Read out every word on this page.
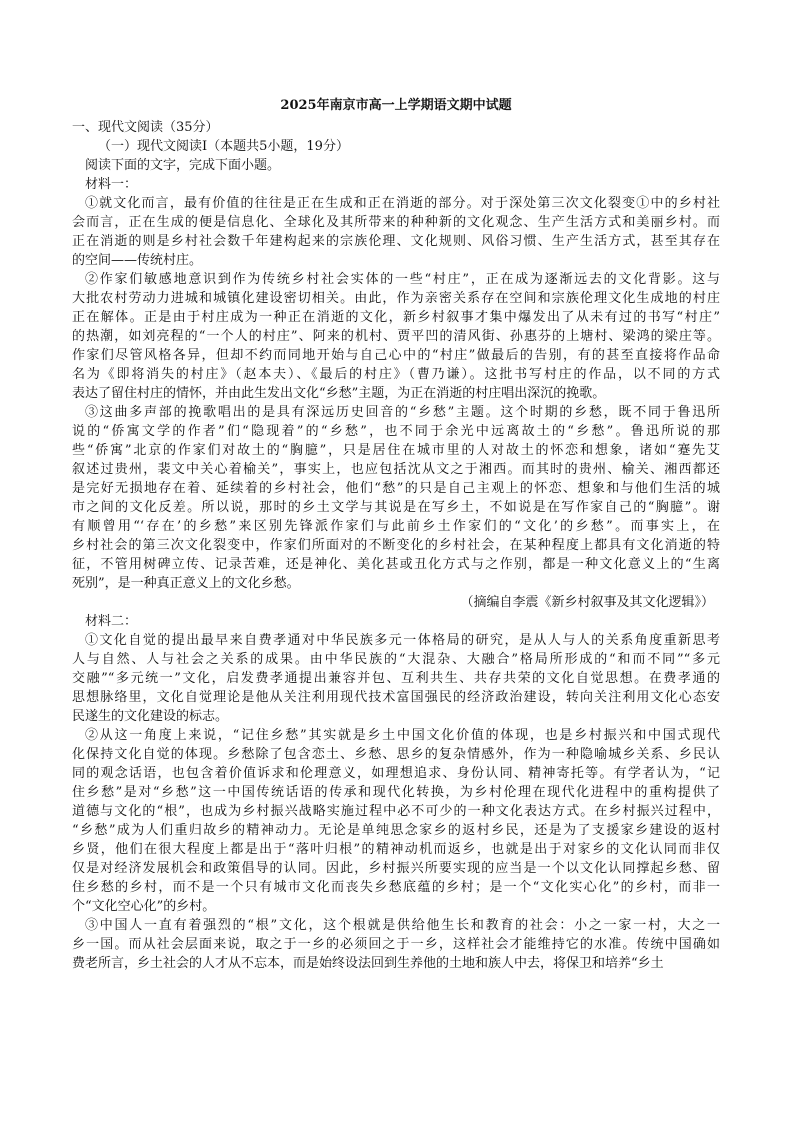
2025年南京市高一上学期语文期中试题

一、现代文阅读（35分）

（一）现代文阅读Ⅰ（本题共5小题，19分）

阅读下面的文字，完成下面小题。

材料一：

①就文化而言，最有价值的往往是正在生成和正在消逝的部分。对于深处第三次文化裂变①中的乡村社

会而言，正在生成的便是信息化、全球化及其所带来的种种新的文化观念、生产生活方式和美丽乡村。而

正在消逝的则是乡村社会数千年建构起来的宗族伦理、文化规则、风俗习惯、生产生活方式，甚至其存在

的空间——传统村庄。

②作家们敏感地意识到作为传统乡村社会实体的一些“村庄”，正在成为逐渐远去的文化背影。这与

大批农村劳动力进城和城镇化建设密切相关。由此，作为亲密关系存在空间和宗族伦理文化生成地的村庄

正在解体。正是由于村庄成为一种正在消逝的文化，新乡村叙事才集中爆发出了从未有过的书写“村庄”

的热潮，如刘亮程的“一个人的村庄”、阿来的机村、贾平凹的清风街、孙惠芬的上塘村、梁鸿的梁庄等。

作家们尽管风格各异，但却不约而同地开始与自己心中的“村庄”做最后的告别，有的甚至直接将作品命

名为《即将消失的村庄》（赵本夫）、《最后的村庄》（曹乃谦）。这批书写村庄的作品，以不同的方式

表达了留住村庄的情怀，并由此生发出文化“乡愁”主题，为正在消逝的村庄唱出深沉的挽歌。

③这曲多声部的挽歌唱出的是具有深远历史回音的“乡愁”主题。这个时期的乡愁，既不同于鲁迅所

说的“侨寓文学的作者”们“隐现着”的“乡愁”，也不同于余光中远离故土的“乡愁”。鲁迅所说的那

些“侨寓”北京的作家们对故土的“胸臆”，只是居住在城市里的人对故土的怀恋和想象，诸如“蹇先艾

叙述过贵州，裴文中关心着榆关”，事实上，也应包括沈从文之于湘西。而其时的贵州、榆关、湘西都还

是完好无损地存在着、延续着的乡村社会，他们“愁”的只是自己主观上的怀恋、想象和与他们生活的城

市之间的文化反差。所以说，那时的乡土文学与其说是在写乡土，不如说是在写作家自己的“胸臆”。谢

有顺曾用“‘存在’的乡愁”来区别先锋派作家们与此前乡土作家们的“文化’的乡愁”。而事实上，在

乡村社会的第三次文化裂变中，作家们所面对的不断变化的乡村社会，在某种程度上都具有文化消逝的特

征，不管用树碑立传、记录苦难，还是神化、美化甚或丑化方式与之作别，都是一种文化意义上的“生离

死别”，是一种真正意义上的文化乡愁。

（摘编自李震《新乡村叙事及其文化逻辑》）

材料二：

①文化自觉的提出最早来自费孝通对中华民族多元一体格局的研究，是从人与人的关系角度重新思考

人与自然、人与社会之关系的成果。由中华民族的“大混杂、大融合”格局所形成的“和而不同”“多元

交融”“多元统一”文化，启发费孝通提出兼容并包、互利共生、共存共荣的文化自觉思想。在费孝通的

思想脉络里，文化自觉理论是他从关注利用现代技术富国强民的经济政治建设，转向关注利用文化心态安

民遂生的文化建设的标志。

②从这一角度上来说，“记住乡愁”其实就是乡土中国文化价值的体现，也是乡村振兴和中国式现代

化保持文化自觉的体现。乡愁除了包含恋土、乡愁、思乡的复杂情感外，作为一种隐喻城乡关系、乡民认

同的观念话语，也包含着价值诉求和伦理意义，如理想追求、身份认同、精神寄托等。有学者认为，“记

住乡愁”是对“乡愁”这一中国传统话语的传承和现代化转换，为乡村伦理在现代化进程中的重构提供了

道德与文化的“根”，也成为乡村振兴战略实施过程中必不可少的一种文化表达方式。在乡村振兴过程中，

“乡愁”成为人们重归故乡的精神动力。无论是单纯思念家乡的返村乡民，还是为了支援家乡建设的返村

乡贤，他们在很大程度上都是出于“落叶归根”的精神动机而返乡，也就是出于对家乡的文化认同而非仅

仅是对经济发展机会和政策倡导的认同。因此，乡村振兴所要实现的应当是一个以文化认同撑起乡愁、留

住乡愁的乡村，而不是一个只有城市文化而丧失乡愁底蕴的乡村；是一个“文化实心化”的乡村，而非一

个“文化空心化”的乡村。

③中国人一直有着强烈的“根”文化，这个根就是供给他生长和教育的社会：小之一家一村，大之一

乡一国。而从社会层面来说，取之于一乡的必须回之于一乡，这样社会才能维持它的水准。传统中国确如

费老所言，乡土社会的人才从不忘本，而是始终设法回到生养他的土地和族人中去，将保卫和培养“乡土
